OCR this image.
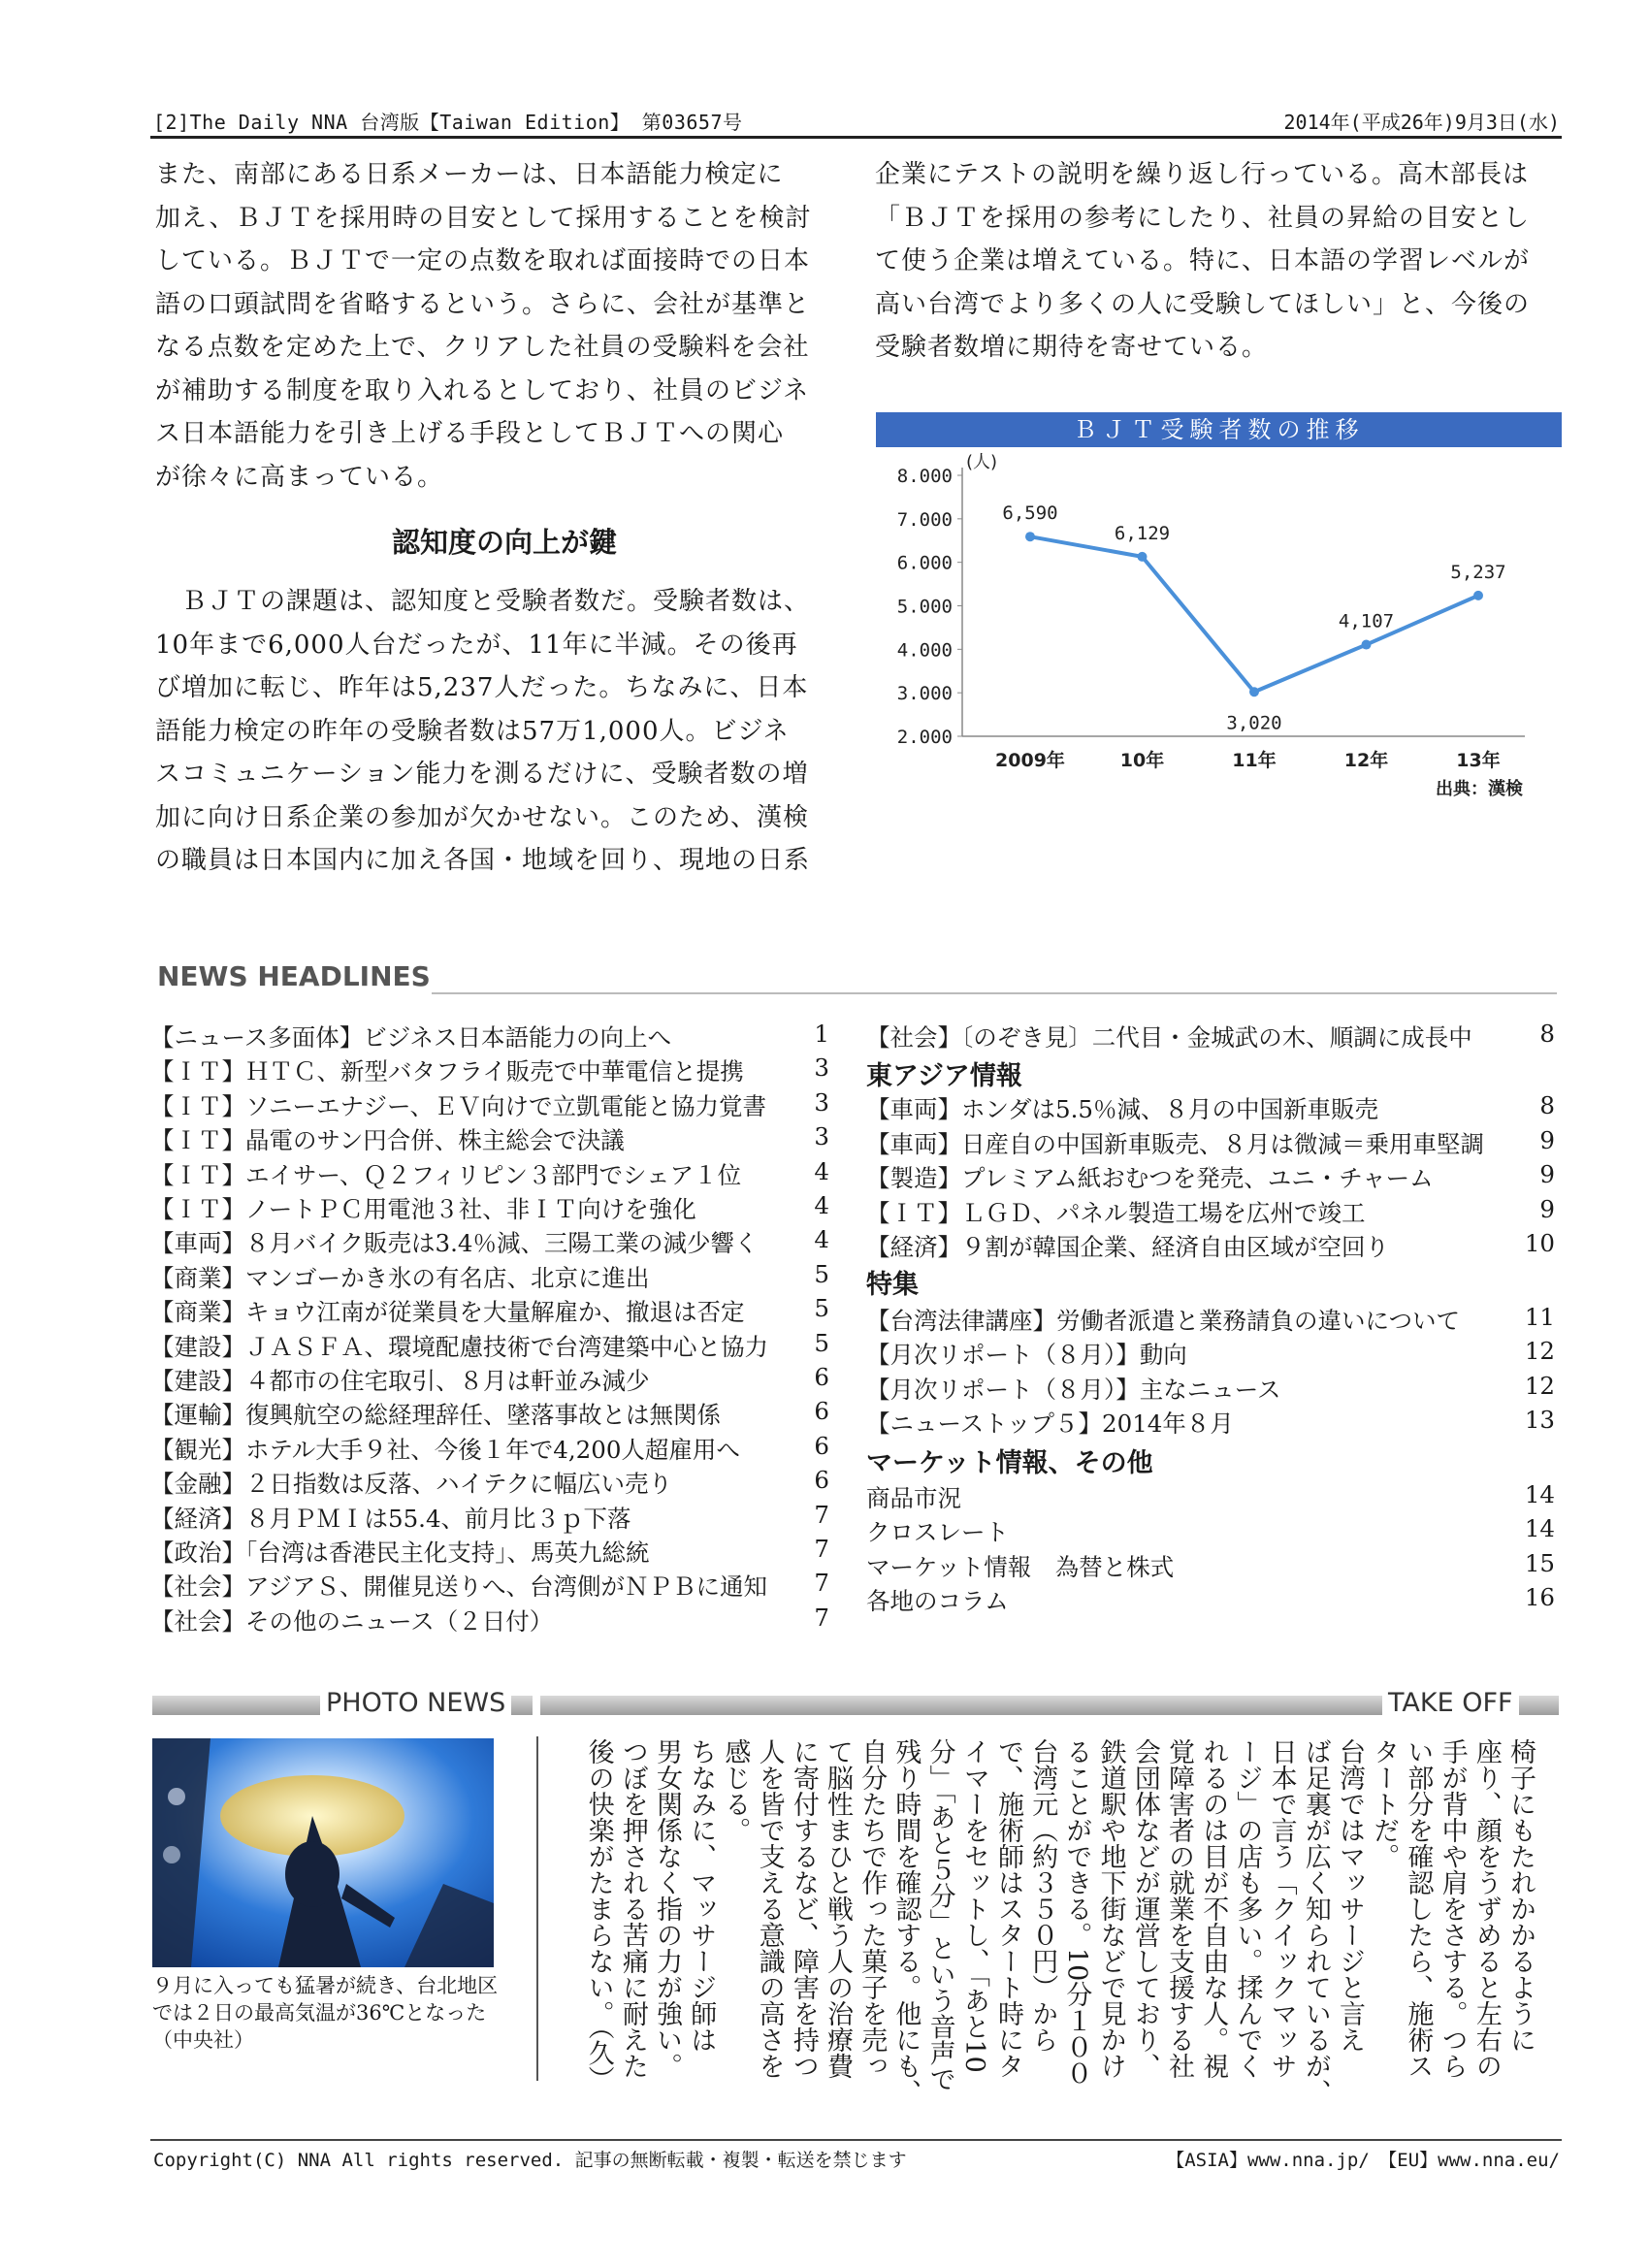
[2]The Daily NNA 台湾版【Taiwan Edition】 第03657号	2014年(平成26年)9月3日(水)
また、南部にある日系メーカーは、日本語能力検定に
加え、ＢＪＴを採用時の目安として採用することを検討
している。ＢＪＴで一定の点数を取れば面接時での日本
語の口頭試問を省略するという。さらに、会社が基準と
なる点数を定めた上で、クリアした社員の受験料を会社
が補助する制度を取り入れるとしており、社員のビジネ
ス日本語能力を引き上げる手段としてＢＪＴへの関心
が徐々に高まっている。
認知度の向上が鍵
　ＢＪＴの課題は、認知度と受験者数だ。受験者数は、
10年まで6,000人台だったが、11年に半減。その後再
び増加に転じ、昨年は5,237人だった。ちなみに、日本
語能力検定の昨年の受験者数は57万1,000人。ビジネ
スコミュニケーション能力を測るだけに、受験者数の増
加に向け日系企業の参加が欠かせない。このため、漢検
の職員は日本国内に加え各国・地域を回り、現地の日系
企業にテストの説明を繰り返し行っている。高木部長は
「ＢＪＴを採用の参考にしたり、社員の昇給の目安とし
て使う企業は増えている。特に、日本語の学習レベルが
高い台湾でより多くの人に受験してほしい」と、今後の
受験者数増に期待を寄せている。
ＢＪＴ受験者数の推移
2.000
3.000
4.000
5.000
6.000
7.000
8.000
(人)
2009年	10年	11年	12年	13年
6,590
6,129
3,020
4,107
5,237
出典：漢検
NEWS HEADLINES
【ニュース多面体】ビジネス日本語能力の向上へ	1
【ＩＴ】ＨＴＣ、新型バタフライ販売で中華電信と提携	3
【ＩＴ】ソニーエナジー、ＥＶ向けで立凱電能と協力覚書	3
【ＩＴ】晶電のサン円合併、株主総会で決議	3
【ＩＴ】エイサー、Ｑ２フィリピン３部門でシェア１位	4
【ＩＴ】ノートＰＣ用電池３社、非ＩＴ向けを強化	4
【車両】８月バイク販売は3.4％減、三陽工業の減少響く	4
【商業】マンゴーかき氷の有名店、北京に進出	5
【商業】キョウ江南が従業員を大量解雇か、撤退は否定	5
【建設】ＪＡＳＦＡ、環境配慮技術で台湾建築中心と協力	5
【建設】４都市の住宅取引、８月は軒並み減少	6
【運輸】復興航空の総経理辞任、墜落事故とは無関係	6
【観光】ホテル大手９社、今後１年で4,200人超雇用へ	6
【金融】２日指数は反落、ハイテクに幅広い売り	6
【経済】８月ＰＭＩは55.4、前月比３ｐ下落	7
【政治】「台湾は香港民主化支持」、馬英九総統	7
【社会】アジアＳ、開催見送りへ、台湾側がＮＰＢに通知	7
【社会】その他のニュース（２日付）	7
【社会】〔のぞき見〕二代目・金城武の木、順調に成長中	8
東アジア情報
【車両】ホンダは5.5％減、８月の中国新車販売	8
【車両】日産自の中国新車販売、８月は微減＝乗用車堅調	9
【製造】プレミアム紙おむつを発売、ユニ・チャーム	9
【ＩＴ】ＬＧＤ、パネル製造工場を広州で竣工	9
【経済】９割が韓国企業、経済自由区域が空回り	10
特集
【台湾法律講座】労働者派遣と業務請負の違いについて	11
【月次リポート（８月）】動向	12
【月次リポート（８月）】主なニュース	12
【ニューストップ５】2014年８月	13
マーケット情報、その他
商品市況	14
クロスレート	14
マーケット情報　為替と株式	15
各地のコラム	16
PHOTO NEWS	TAKE OFF
９月に入っても猛暑が続き、台北地区では２日の最高気温が36℃となった（中央社）	椅子にもたれかかるように
座り、顔をうずめると左右の
手が背中や肩をさする。つら
い部分を確認したら、施術ス
タートだ。
台湾ではマッサージと言え
ば足裏が広く知られているが、
日本で言う「クイックマッサ
ージ」の店も多い。揉んでく
れるのは目が不自由な人。視
覚障害者の就業を支援する社
会団体などが運営しており、
鉄道駅や地下街などで見かけ
ることができる。10分１００
台湾元（約３５０円）から
で、施術師はスタート時にタ
イマーをセットし、「あと10
分」「あと５分」という音声で
残り時間を確認する。他にも、
自分たちで作った菓子を売っ
て脳性まひと戦う人の治療費
に寄付するなど、障害を持つ
人を皆で支える意識の高さを
感じる。
ちなみに、マッサージ師は
男女関係なく指の力が強い。
つぼを押される苦痛に耐えた
後の快楽がたまらない。（久）
Copyright(C) NNA All rights reserved. 記事の無断転載・複製・転送を禁じます	【ASIA】www.nna.jp/　【EU】www.nna.eu/
